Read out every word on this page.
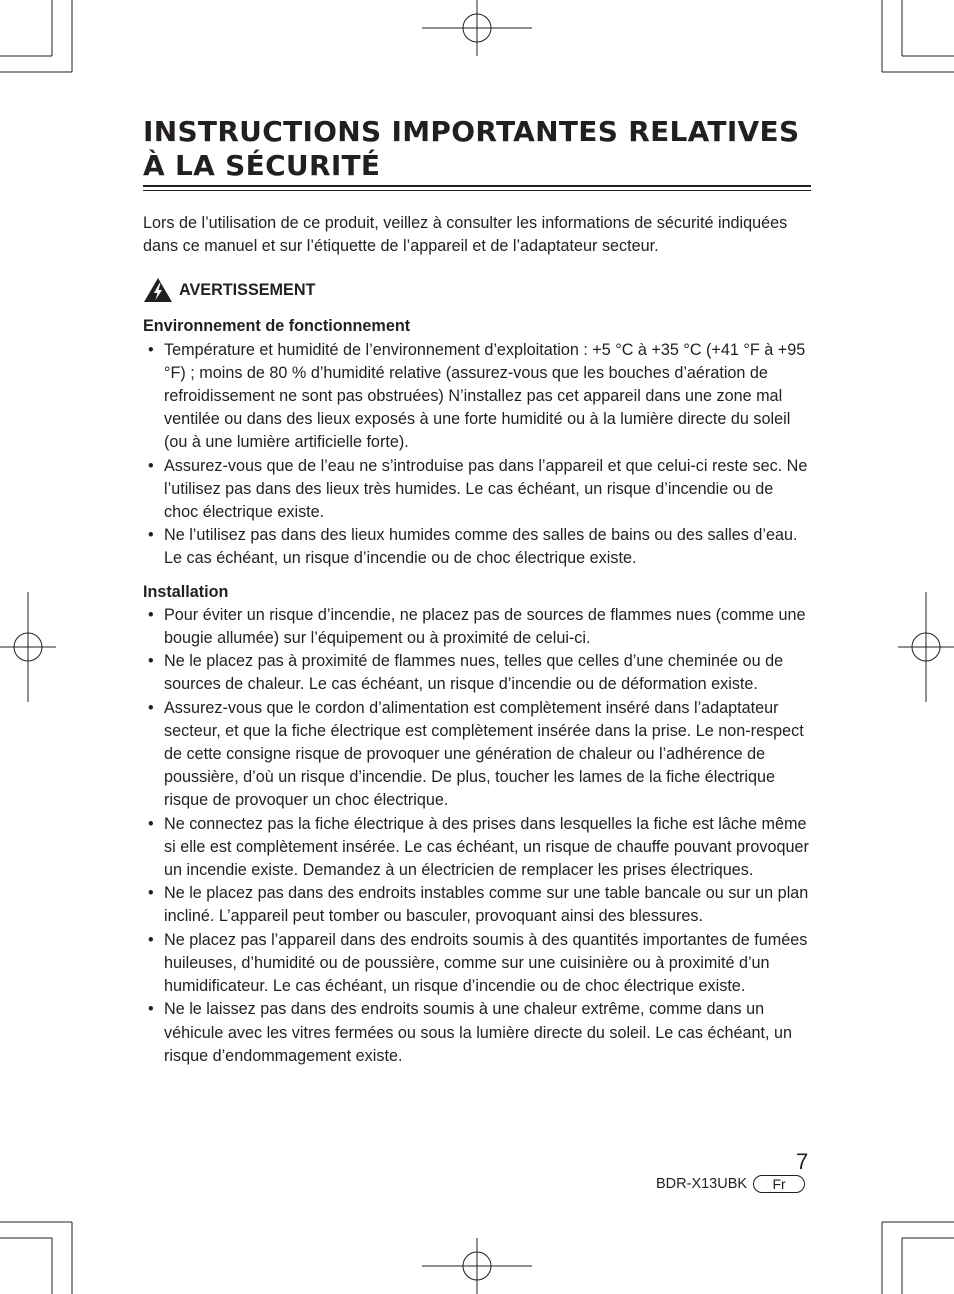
INSTRUCTIONS IMPORTANTES RELATIVES À LA SÉCURITÉ

Lors de l’utilisation de ce produit, veillez à consulter les informations de sécurité indiquées dans ce manuel et sur l’étiquette de l’appareil et de l’adaptateur secteur.

AVERTISSEMENT
Environnement de fonctionnement
• Température et humidité de l’environnement d’exploitation : +5 °C à +35 °C (+41 °F à +95 °F) ; moins de 80 % d’humidité relative (assurez-vous que les bouches d’aération de refroidissement ne sont pas obstruées) N’installez pas cet appareil dans une zone mal ventilée ou dans des lieux exposés à une forte humidité ou à la lumière directe du soleil (ou à une lumière artificielle forte).
• Assurez-vous que de l’eau ne s’introduise pas dans l’appareil et que celui-ci reste sec. Ne l’utilisez pas dans des lieux très humides. Le cas échéant, un risque d’incendie ou de choc électrique existe.
• Ne l’utilisez pas dans des lieux humides comme des salles de bains ou des salles d’eau. Le cas échéant, un risque d’incendie ou de choc électrique existe.
Installation
• Pour éviter un risque d’incendie, ne placez pas de sources de flammes nues (comme une bougie allumée) sur l’équipement ou à proximité de celui-ci.
• Ne le placez pas à proximité de flammes nues, telles que celles d’une cheminée ou de sources de chaleur. Le cas échéant, un risque d’incendie ou de déformation existe.
• Assurez-vous que le cordon d’alimentation est complètement inséré dans l’adaptateur secteur, et que la fiche électrique est complètement insérée dans la prise. Le non-respect de cette consigne risque de provoquer une génération de chaleur ou l’adhérence de poussière, d’où un risque d’incendie. De plus, toucher les lames de la fiche électrique risque de provoquer un choc électrique.
• Ne connectez pas la fiche électrique à des prises dans lesquelles la fiche est lâche même si elle est complètement insérée. Le cas échéant, un risque de chauffe pouvant provoquer un incendie existe. Demandez à un électricien de remplacer les prises électriques.
• Ne le placez pas dans des endroits instables comme sur une table bancale ou sur un plan incliné. L’appareil peut tomber ou basculer, provoquant ainsi des blessures.
• Ne placez pas l’appareil dans des endroits soumis à des quantités importantes de fumées huileuses, d’humidité ou de poussière, comme sur une cuisinière ou à proximité d’un humidificateur. Le cas échéant, un risque d’incendie ou de choc électrique existe.
• Ne le laissez pas dans des endroits soumis à une chaleur extrême, comme dans un véhicule avec les vitres fermées ou sous la lumière directe du soleil. Le cas échéant, un risque d’endommagement existe.
7
BDR-X13UBK	Fr
